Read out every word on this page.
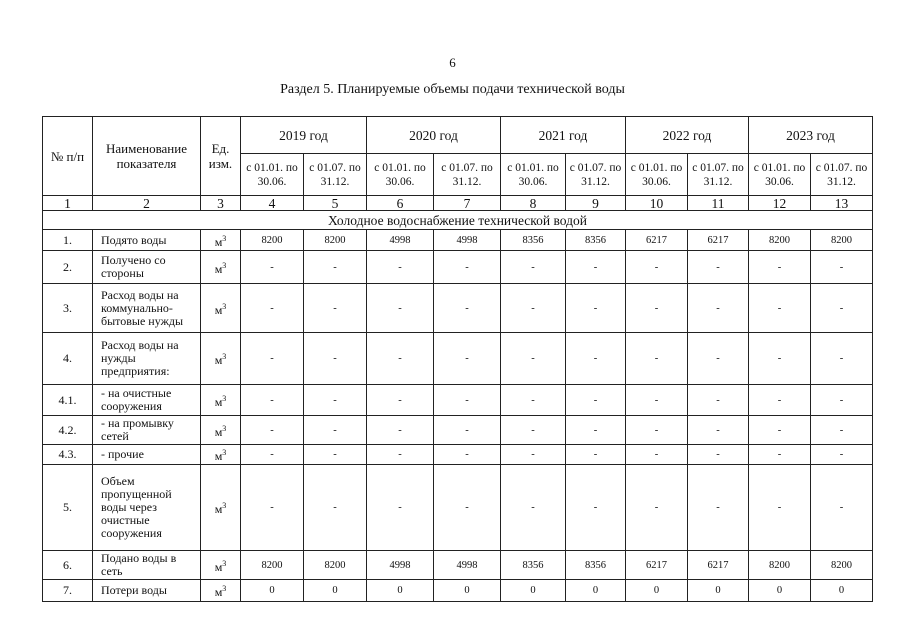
6
Раздел 5. Планируемые объемы подачи технической воды
№ п/п	Наименование показателя	Ед. изм.	2019 год		2020 год		2021 год		2022 год		2023 год	
			с 01.01. по 30.06.	с 01.07. по 31.12.	с 01.01. по 30.06.	с 01.07. по 31.12.	с 01.01. по 30.06.	с 01.07. по 31.12.	с 01.01. по 30.06.	с 01.07. по 31.12.	с 01.01. по 30.06.	с 01.07. по 31.12.
1	2	3	4	5	6	7	8	9	10	11	12	13
Холодное водоснабжение технической водой												
1.	Подято воды	$м^3$	8200	8200	4998	4998	8356	8356	6217	6217	8200	8200
2.	Получено со стороны	$м^3$	-	-	-	-	-	-	-	-	-	-
3.	Расход воды на коммунально-бытовые нужды	$м^3$	-	-	-	-	-	-	-	-	-	-
4.	Расход воды на нужды предприятия:	$м^3$	-	-	-	-	-	-	-	-	-	-
4.1.	- на очистные сооружения	$м^3$	-	-	-	-	-	-	-	-	-	-
4.2.	- на промывку сетей	$м^3$	-	-	-	-	-	-	-	-	-	-
4.3.	- прочие	$м^3$	-	-	-	-	-	-	-	-	-	-
5.	Объем пропущенной воды через очистные сооружения	$м^3$	-	-	-	-	-	-	-	-	-	-
6.	Подано воды в сеть	$м^3$	8200	8200	4998	4998	8356	8356	6217	6217	8200	8200
7.	Потери воды	$м^3$	0	0	0	0	0	0	0	0	0	0
